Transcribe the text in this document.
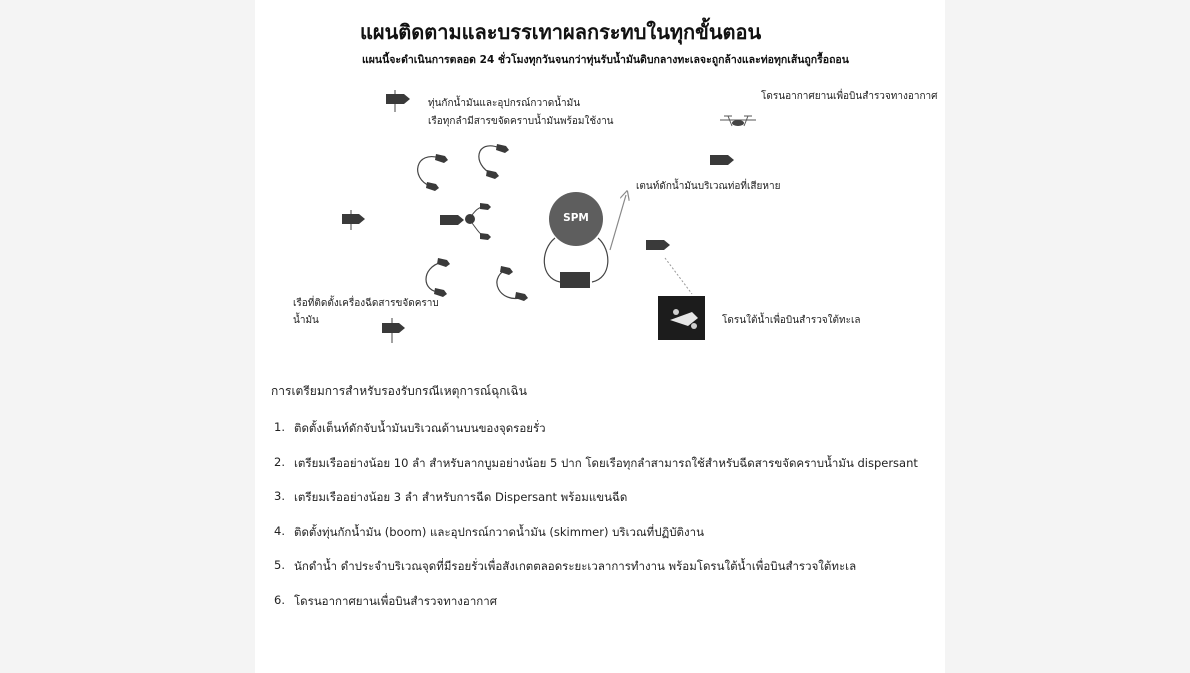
แผนติดตามและบรรเทาผลกระทบในทุกขั้นตอน
แผนนี้จะดำเนินการตลอด 24 ชั่วโมงทุกวันจนกว่าทุ่นรับน้ำมันดิบกลางทะเลจะถูกล้างและท่อทุกเส้นถูกรื้อถอน
SPM
ทุ่นกักน้ำมันและอุปกรณ์กวาดน้ำมัน
เรือทุกลำมีสารขจัดคราบน้ำมันพร้อมใช้งาน
โดรนอากาศยานเพื่อบินสำรวจทางอากาศ
เตนท์ดักน้ำมันบริเวณท่อที่เสียหาย
เรือที่ติดตั้งเครื่องฉีดสารขจัดคราบ
น้ำมัน	โดรนใต้น้ำเพื่อบินสำรวจใต้ทะเล
การเตรียมการสำหรับรองรับกรณีเหตุการณ์ฉุกเฉิน
1. ติดตั้งเต็นท์ดักจับน้ำมันบริเวณด้านบนของจุดรอยรั่ว
2. เตรียมเรืออย่างน้อย 10 ลำ สำหรับลากบูมอย่างน้อย 5 ปาก โดยเรือทุกลำสามารถใช้สำหรับฉีดสารขจัดคราบน้ำมัน dispersant
3. เตรียมเรืออย่างน้อย 3 ลำ สำหรับการฉีด Dispersant พร้อมแขนฉีด
4. ติดตั้งทุ่นกักน้ำมัน (boom) และอุปกรณ์กวาดน้ำมัน (skimmer) บริเวณที่ปฏิบัติงาน
5. นักดำน้ำ ดำประจำบริเวณจุดที่มีรอยรั่วเพื่อสังเกตตลอดระยะเวลาการทำงาน พร้อมโดรนใต้น้ำเพื่อบินสำรวจใต้ทะเล
6. โดรนอากาศยานเพื่อบินสำรวจทางอากาศ
